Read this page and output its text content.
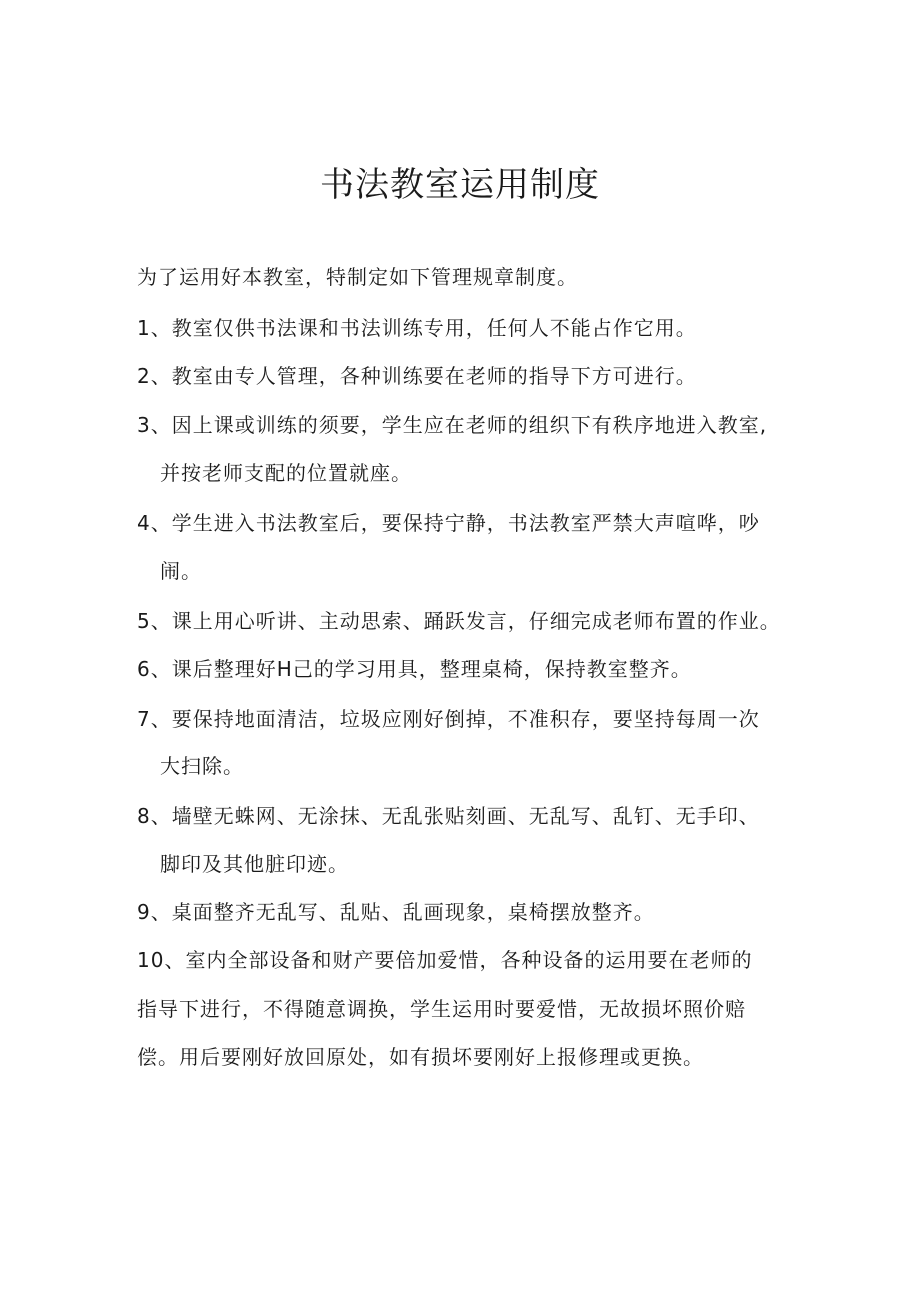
书法教室运用制度
为了运用好本教室，特制定如下管理规章制度。
1、教室仅供书法课和书法训练专用，任何人不能占作它用。
2、教室由专人管理，各种训练要在老师的指导下方可进行。
3、因上课或训练的须要，学生应在老师的组织下有秩序地进入教室,
并按老师支配的位置就座。
4、学生进入书法教室后，要保持宁静，书法教室严禁大声喧哗，吵
闹。
5、课上用心听讲、主动思索、踊跃发言，仔细完成老师布置的作业。
6、课后整理好H己的学习用具，整理桌椅，保持教室整齐。
7、要保持地面清洁，垃圾应刚好倒掉，不准积存，要坚持每周一次
大扫除。
8、墙壁无蛛网、无涂抹、无乱张贴刻画、无乱写、乱钉、无手印、
脚印及其他脏印迹。
9、桌面整齐无乱写、乱贴、乱画现象，桌椅摆放整齐。
10、室内全部设备和财产要倍加爱惜，各种设备的运用要在老师的
指导下进行，不得随意调换，学生运用时要爱惜，无故损坏照价赔
偿。用后要刚好放回原处，如有损坏要刚好上报修理或更换。
